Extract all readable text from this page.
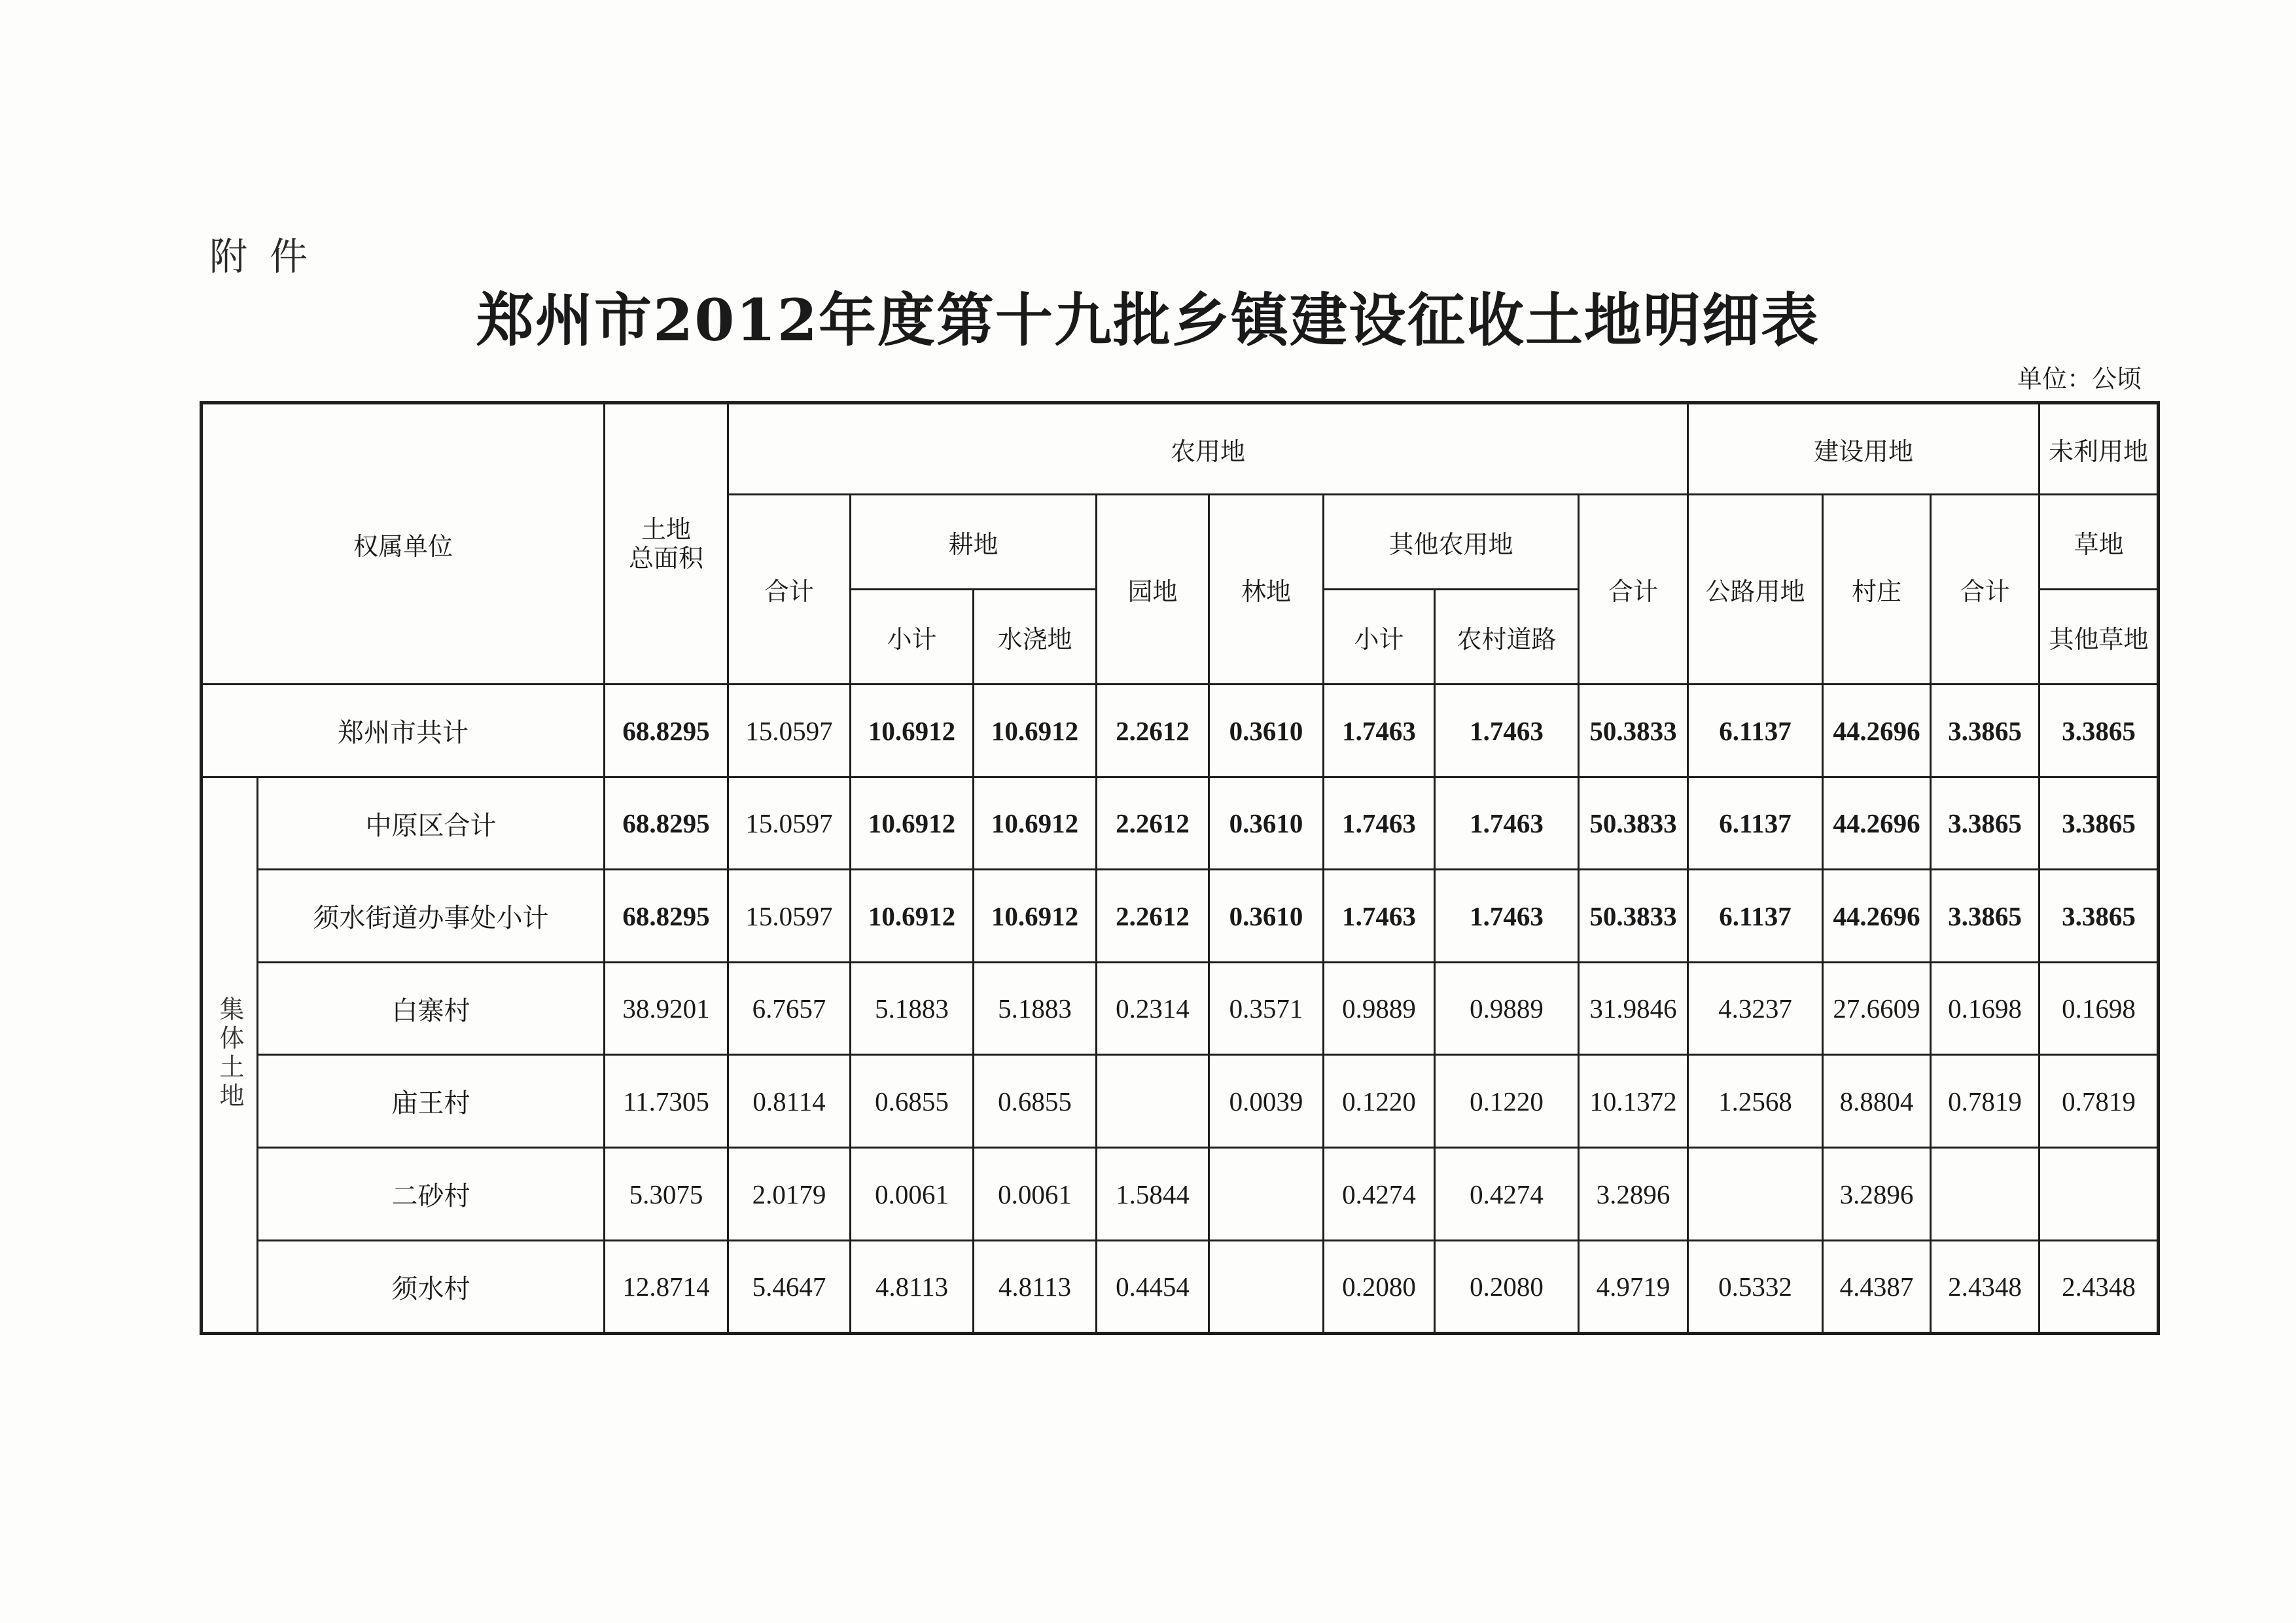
附件
郑州市2012年度第十九批乡镇建设征收土地明细表
单位：公顷
权属单位		土地
总面积	农用地								建设用地			未利用地
			合计	耕地		园地	林地	其他农用地		合计	公路用地	村庄	合计	草地
				小计	水浇地			小计	农村道路					其他草地
郑州市共计		68.8295	15.0597	10.6912	10.6912	2.2612	0.3610	1.7463	1.7463	50.3833	6.1137	44.2696	3.3865	3.3865
集体土地	中原区合计	68.8295	15.0597	10.6912	10.6912	2.2612	0.3610	1.7463	1.7463	50.3833	6.1137	44.2696	3.3865	3.3865
	须水街道办事处小计	68.8295	15.0597	10.6912	10.6912	2.2612	0.3610	1.7463	1.7463	50.3833	6.1137	44.2696	3.3865	3.3865
	白寨村	38.9201	6.7657	5.1883	5.1883	0.2314	0.3571	0.9889	0.9889	31.9846	4.3237	27.6609	0.1698	0.1698
	庙王村	11.7305	0.8114	0.6855	0.6855		0.0039	0.1220	0.1220	10.1372	1.2568	8.8804	0.7819	0.7819
	二砂村	5.3075	2.0179	0.0061	0.0061	1.5844		0.4274	0.4274	3.2896		3.2896		
	须水村	12.8714	5.4647	4.8113	4.8113	0.4454		0.2080	0.2080	4.9719	0.5332	4.4387	2.4348	2.4348
